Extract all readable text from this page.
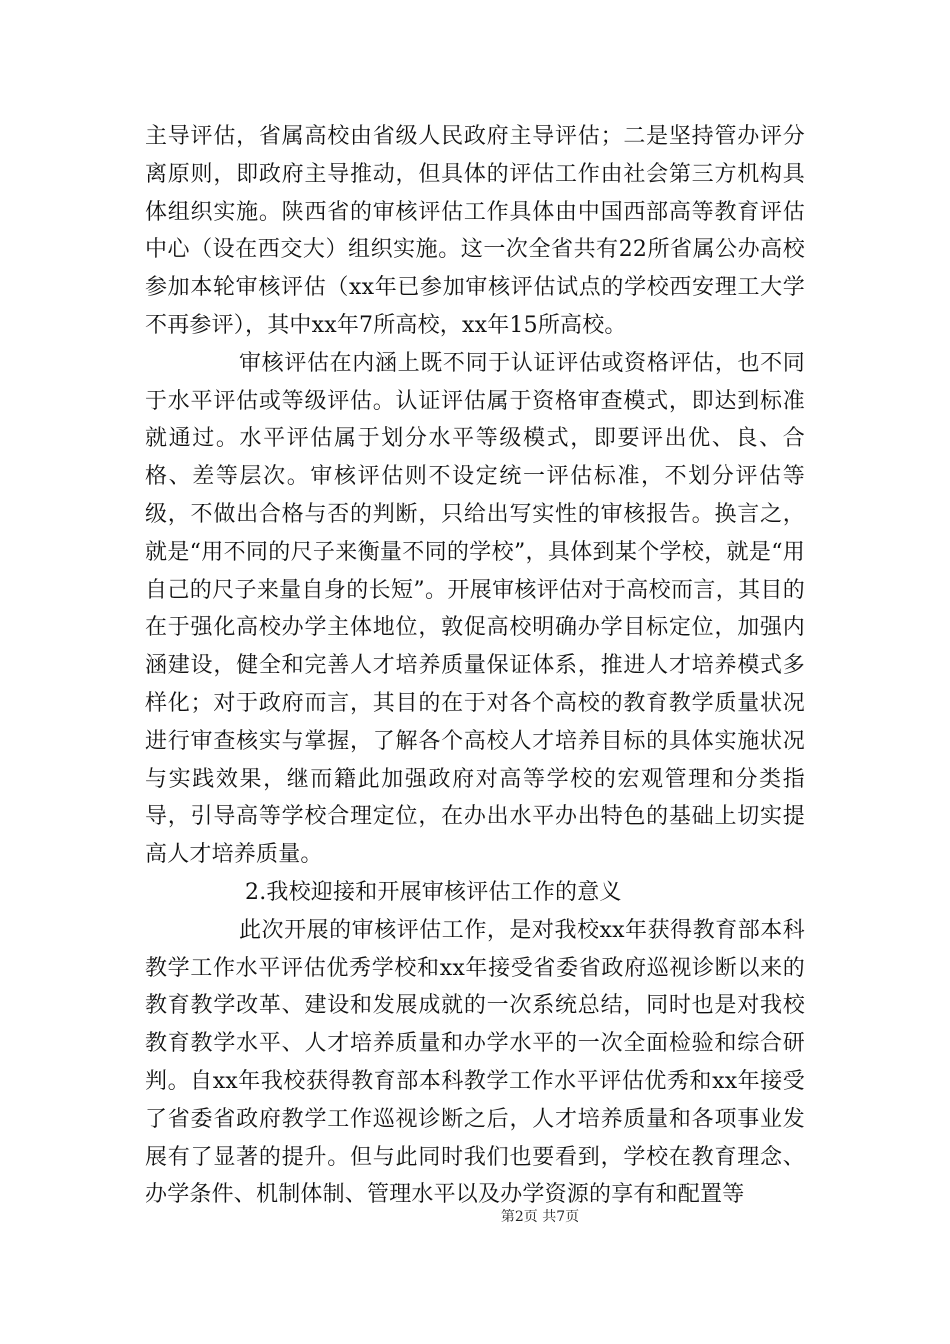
主导评估，省属高校由省级人民政府主导评估；二是坚持管办评分离原则，即政府主导推动，但具体的评估工作由社会第三方机构具体组织实施。陕西省的审核评估工作具体由中国西部高等教育评估中心（设在西交大）组织实施。这一次全省共有22所省属公办高校参加本轮审核评估（xx年已参加审核评估试点的学校西安理工大学不再参评），其中xx年7所高校，xx年15所高校。

审核评估在内涵上既不同于认证评估或资格评估，也不同于水平评估或等级评估。认证评估属于资格审查模式，即达到标准就通过。水平评估属于划分水平等级模式，即要评出优、良、合格、差等层次。审核评估则不设定统一评估标准，不划分评估等级，不做出合格与否的判断，只给出写实性的审核报告。换言之，就是“用不同的尺子来衡量不同的学校”，具体到某个学校，就是“用自己的尺子来量自身的长短”。开展审核评估对于高校而言，其目的在于强化高校办学主体地位，敦促高校明确办学目标定位，加强内涵建设，健全和完善人才培养质量保证体系，推进人才培养模式多样化；对于政府而言，其目的在于对各个高校的教育教学质量状况进行审查核实与掌握，了解各个高校人才培养目标的具体实施状况与实践效果，继而籍此加强政府对高等学校的宏观管理和分类指导，引导高等学校合理定位，在办出水平办出特色的基础上切实提高人才培养质量。

2.我校迎接和开展审核评估工作的意义

此次开展的审核评估工作，是对我校xx年获得教育部本科教学工作水平评估优秀学校和xx年接受省委省政府巡视诊断以来的教育教学改革、建设和发展成就的一次系统总结，同时也是对我校教育教学水平、人才培养质量和办学水平的一次全面检验和综合研判。自xx年我校获得教育部本科教学工作水平评估优秀和xx年接受了省委省政府教学工作巡视诊断之后，人才培养质量和各项事业发展有了显著的提升。但与此同时我们也要看到，学校在教育理念、办学条件、机制体制、管理水平以及办学资源的享有和配置等

第2页 共7页
